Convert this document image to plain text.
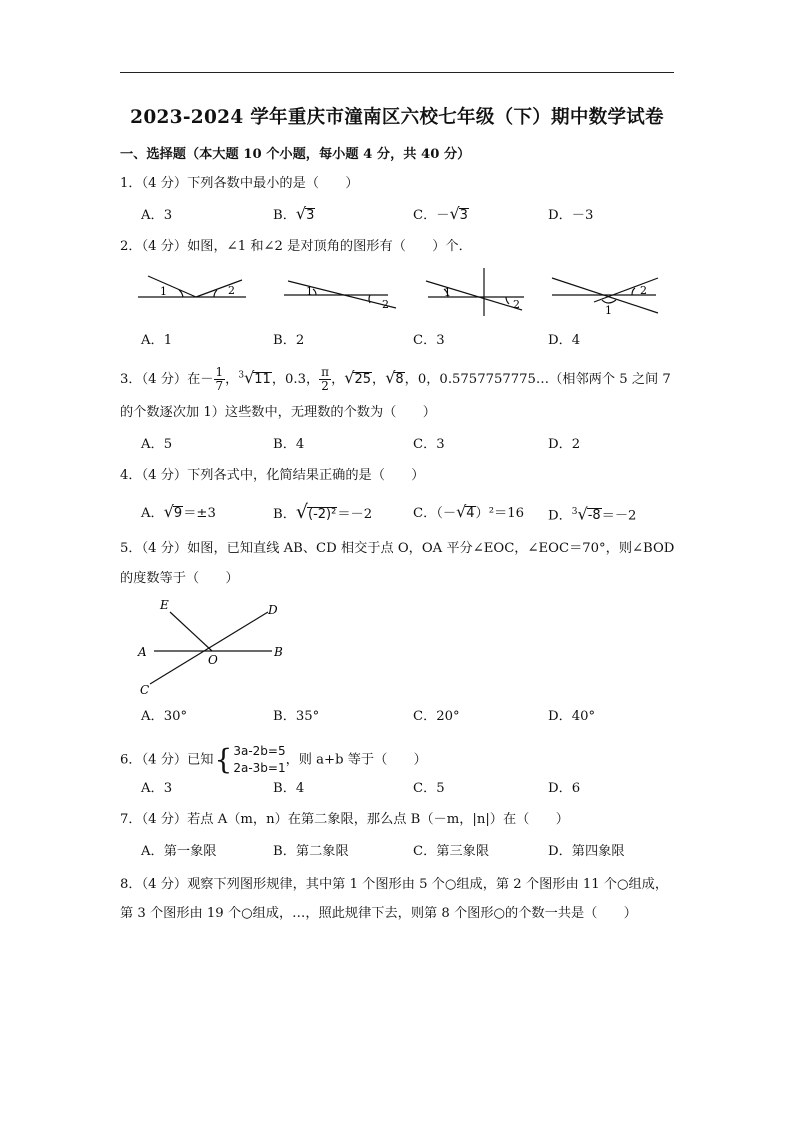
2023-2024 学年重庆市潼南区六校七年级（下）期中数学试卷
一、选择题（本大题 10 个小题，每小题 4 分，共 40 分）
1．（4 分）下列各数中最小的是（　　）
A．3	B．√3	C．－√3	D．－3
2．（4 分）如图，∠1 和∠2 是对顶角的图形有（　　）个．
1	2	1
2
1
2
2
1
A．1	B．2	C．3	D．4
3．（4 分）在－ $\frac{1}{7}$ ，$^3$√11，0.3， $\frac{\pi}{2}$ ，√25，√8，0，0.5757757775…（相邻两个 5 之间 7
的个数逐次加 1）这些数中，无理数的个数为（　　）
A．5	B．4	C．3	D．2
4．（4 分）下列各式中，化简结果正确的是（　　）
A．√9＝±3	B．√(-2)²＝－2	C．（－√4）²＝16 D．$^3$√-8＝－2
5．（4 分）如图，已知直线 AB、CD 相交于点 O，OA 平分∠EOC，∠EOC＝70°，则∠BOD
的度数等于（　　）
E	D
A
O
B
C
A．30°	B．35°	C．20°	D．40°
6．（4 分）已知{ 3a-2b=5
2a-3b=1
，则 a+b 等于（　　）
A．3	B．4	C．5	D．6
7．（4 分）若点 A（m，n）在第二象限，那么点 B（－m，|n|）在（　　）
A．第一象限	B．第二象限	C．第三象限	D．第四象限
8．（4 分）观察下列图形规律，其中第 1 个图形由 5 个○组成，第 2 个图形由 11 个○组成，
第 3 个图形由 19 个○组成，…，照此规律下去，则第 8 个图形○的个数一共是（　　）
